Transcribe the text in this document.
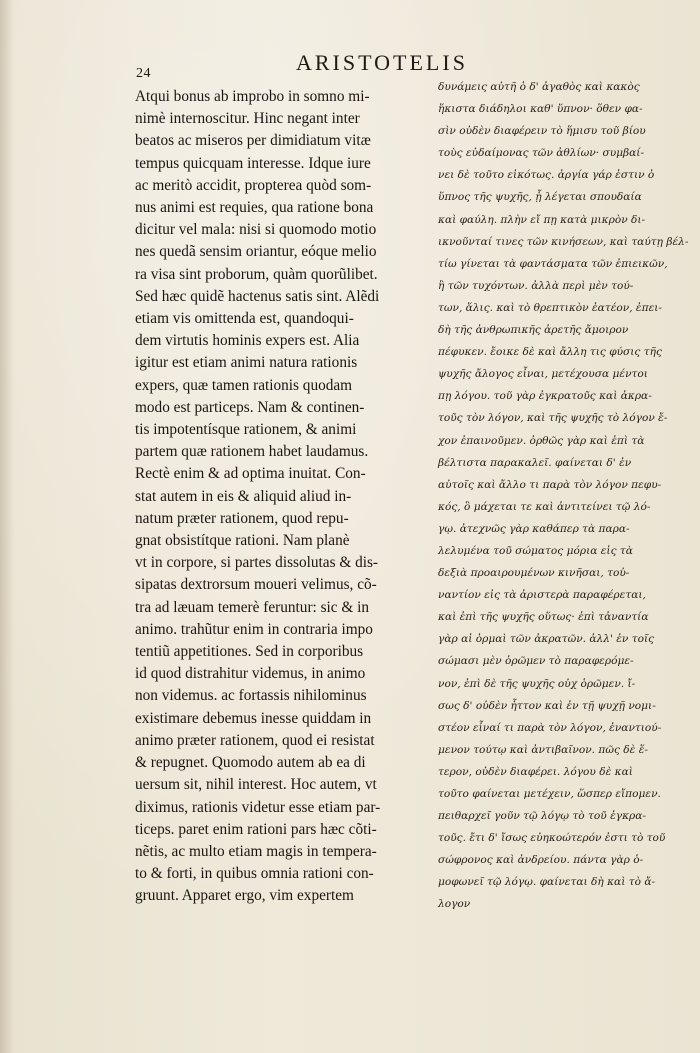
24	ARISTOTELIS
Atqui bonus ab improbo in somno mi-
nimè internoscitur. Hinc negant inter
beatos ac miseros per dimidiatum vitæ
tempus quicquam interesse. Idque iure
ac meritò accidit, propterea quòd som-
nus animi est requies, qua ratione bona
dicitur vel mala: nisi si quomodo motio
nes quedã sensim oriantur, eóque melio
ra visa sint proborum, quàm quorũlibet.
Sed hæc quidẽ hactenus satis sint. Alẽdi
etiam vis omittenda est, quandoqui-
dem virtutis hominis expers est. Alia
igitur est etiam animi natura rationis
expers, quæ tamen rationis quodam
modo est particeps. Nam & continen-
tis impotentísque rationem, & animi
partem quæ rationem habet laudamus.
Rectè enim & ad optima inuitat. Con-
stat autem in eis & aliquid aliud in-
natum præter rationem, quod repu-
gnat obsistítque rationi. Nam planè
vt in corpore, si partes dissolutas & dis-
sipatas dextrorsum moueri velimus, cõ-
tra ad læuam temerè feruntur: sic & in
animo. trahũtur enim in contraria impo
tentiũ appetitiones. Sed in corporibus
id quod distrahitur videmus, in animo
non videmus. ac fortassis nihilominus
existimare debemus inesse quiddam in
animo præter rationem, quod ei resistat
& repugnet. Quomodo autem ab ea di
uersum sit, nihil interest. Hoc autem, vt
diximus, rationis videtur esse etiam par-
ticeps. paret enim rationi pars hæc cõti-
nẽtis, ac multo etiam magis in tempera-
to & forti, in quibus omnia rationi con-
gruunt. Apparet ergo, vim expertem
δυνάμεις αὐτῆ ὁ δ' ἀγαθὸς καὶ κακὸς
ἥκιστα διάδηλοι καθ' ὕπνον· ὅθεν φα-
σὶν οὐδὲν διαφέρειν τὸ ἥμισυ τοῦ βίου
τοὺς εὐδαίμονας τῶν ἀθλίων· συμβαί-
νει δὲ τοῦτο εἰκότως. ἀργία γάρ ἐστιν ὁ
ὕπνος τῆς ψυχῆς, ᾗ λέγεται σπουδαία
καὶ φαύλη. πλὴν εἴ πῃ κατὰ μικρὸν δι-
ικνοῦνταί τινες τῶν κινήσεων, καὶ ταύτῃ βέλ-
τίω γίνεται τὰ φαντάσματα τῶν ἐπιεικῶν,
ἢ τῶν τυχόντων. ἀλλὰ περὶ μὲν τού-
των, ἅλις. καὶ τὸ θρεπτικὸν ἐατέον, ἐπει-
δὴ τῆς ἀνθρωπικῆς ἀρετῆς ἄμοιρον
πέφυκεν. ἔοικε δὲ καὶ ἄλλη τις φύσις τῆς
ψυχῆς ἄλογος εἶναι, μετέχουσα μέντοι
πῃ λόγου. τοῦ γὰρ ἐγκρατοῦς καὶ ἀκρα-
τοῦς τὸν λόγον, καὶ τῆς ψυχῆς τὸ λόγον ἔ-
χον ἐπαινοῦμεν. ὀρθῶς γὰρ καὶ ἐπὶ τὰ
βέλτιστα παρακαλεῖ. φαίνεται δ' ἐν
αὐτοῖς καὶ ἄλλο τι παρὰ τὸν λόγον πεφυ-
κός, ὃ μάχεται τε καὶ ἀντιτείνει τῷ λό-
γῳ. ἀτεχνῶς γὰρ καθάπερ τὰ παρα-
λελυμένα τοῦ σώματος μόρια εἰς τὰ
δεξιὰ προαιρουμένων κινῆσαι, τοὐ-
ναντίον εἰς τὰ ἀριστερὰ παραφέρεται,
καὶ ἐπὶ τῆς ψυχῆς οὕτως· ἐπὶ τἀναντία
γὰρ αἱ ὁρμαὶ τῶν ἀκρατῶν. ἀλλ' ἐν τοῖς
σώμασι μὲν ὁρῶμεν τὸ παραφερόμε-
νον, ἐπὶ δὲ τῆς ψυχῆς οὐχ ὁρῶμεν. ἴ-
σως δ' οὐδὲν ἧττον καὶ ἐν τῇ ψυχῇ νομι-
στέον εἶναί τι παρὰ τὸν λόγον, ἐναντιού-
μενον τούτῳ καὶ ἀντιβαῖνον. πῶς δὲ ἕ-
τερον, οὐδὲν διαφέρει. λόγου δὲ καὶ
τοῦτο φαίνεται μετέχειν, ὥσπερ εἴπομεν.
πειθαρχεῖ γοῦν τῷ λόγῳ τὸ τοῦ ἐγκρα-
τοῦς. ἔτι δ' ἴσως εὐηκοώτερόν ἐστι τὸ τοῦ
σώφρονος καὶ ἀνδρείου. πάντα γὰρ ὁ-
μοφωνεῖ τῷ λόγῳ. φαίνεται δὴ καὶ τὸ ἄ-
λογον
